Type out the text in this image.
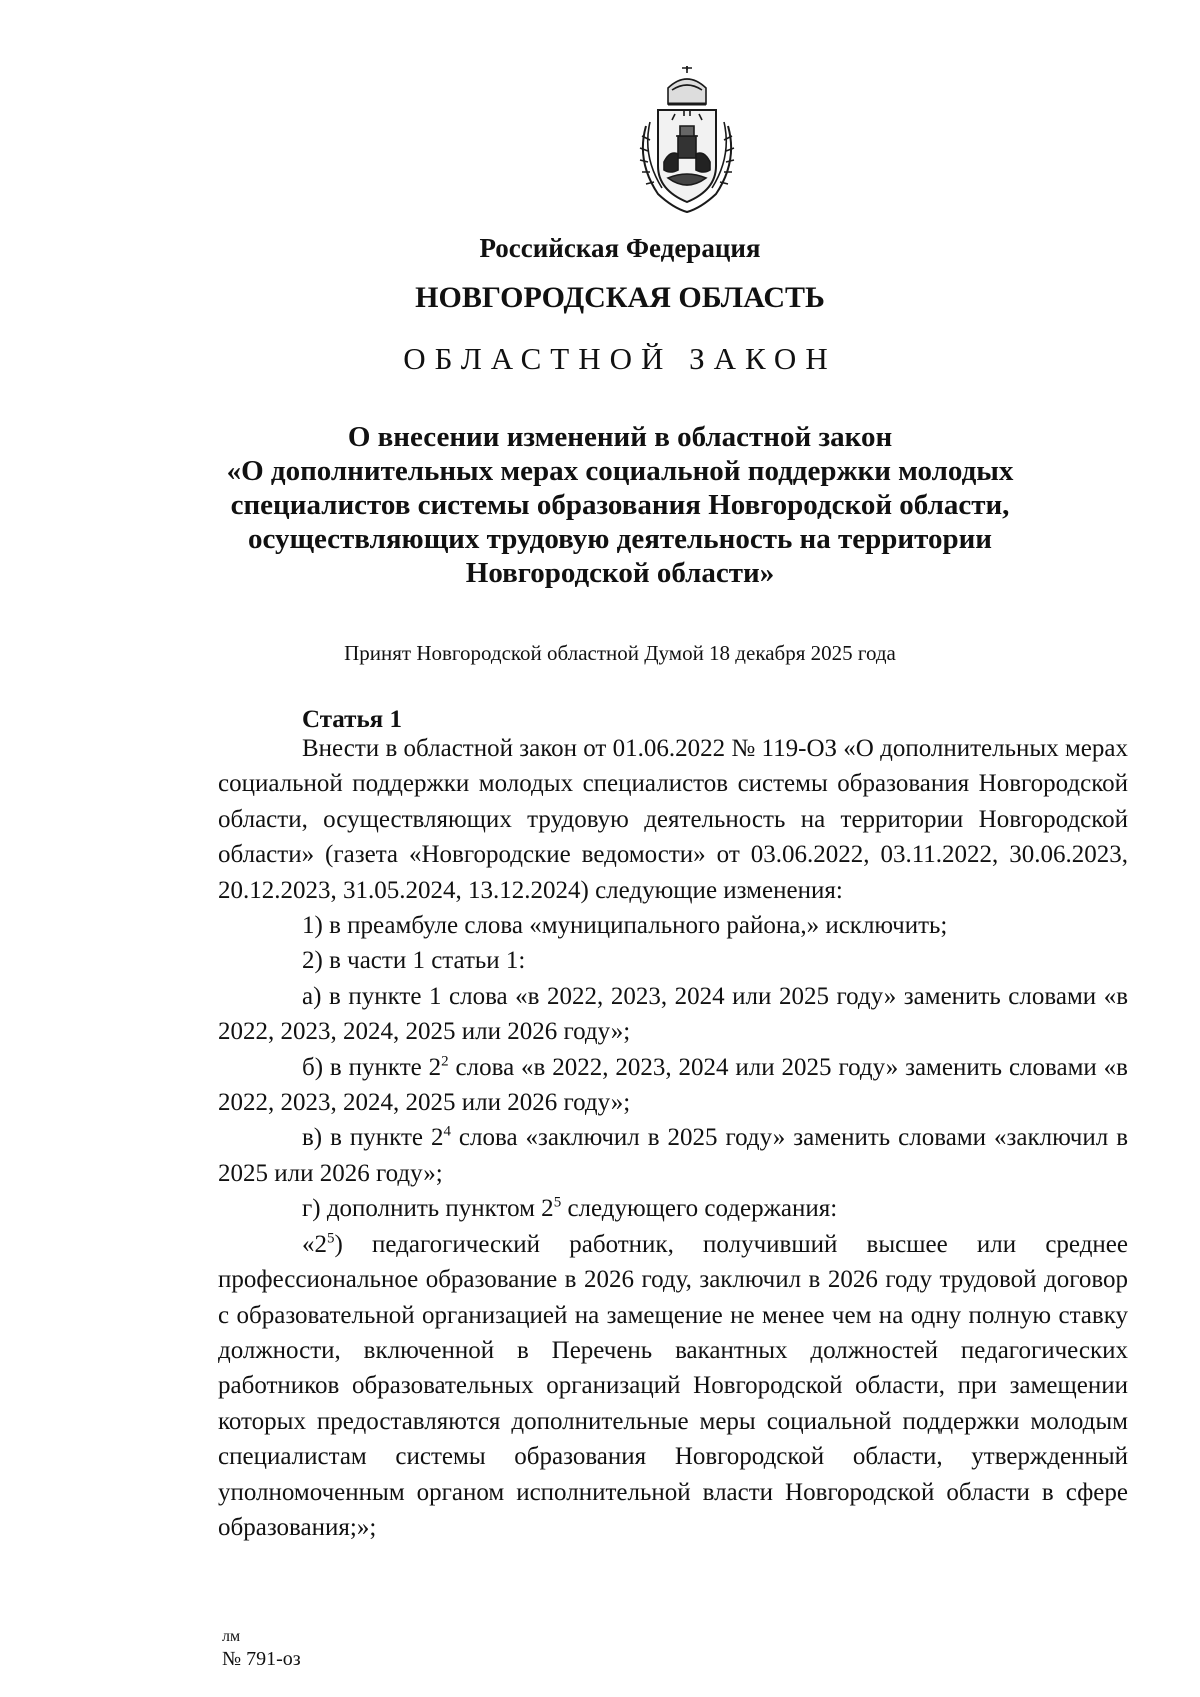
Российская Федерация
НОВГОРОДСКАЯ ОБЛАСТЬ
ОБЛАСТНОЙ ЗАКОН
О внесении изменений в областной закон
«О дополнительных мерах социальной поддержки молодых
специалистов системы образования Новгородской области,
осуществляющих трудовую деятельность на территории
Новгородской области»
Принят Новгородской областной Думой 18 декабря 2025 года
Статья 1

Внести в областной закон от 01.06.2022 № 119-ОЗ «О дополнительных мерах социальной поддержки молодых специалистов системы образования Новгородской области, осуществляющих трудовую деятельность на территории Новгородской области» (газета «Новгородские ведомости» от 03.06.2022, 03.11.2022, 30.06.2023, 20.12.2023, 31.05.2024, 13.12.2024) следующие изменения:

1) в преамбуле слова «муниципального района,» исключить;

2) в части 1 статьи 1:

а) в пункте 1 слова «в 2022, 2023, 2024 или 2025 году» заменить словами «в 2022, 2023, 2024, 2025 или 2026 году»;

б) в пункте $2^2$ слова «в 2022, 2023, 2024 или 2025 году» заменить словами «в 2022, 2023, 2024, 2025 или 2026 году»;

в) в пункте $2^4$ слова «заключил в 2025 году» заменить словами «заключил в 2025 или 2026 году»;

г) дополнить пунктом $2^5$ следующего содержания:

«$2^5$) педагогический работник, получивший высшее или среднее профессиональное образование в 2026 году, заключил в 2026 году трудовой договор с образовательной организацией на замещение не менее чем на одну полную ставку должности, включенной в Перечень вакантных должностей педагогических работников образовательных организаций Новгородской области, при замещении которых предоставляются дополнительные меры социальной поддержки молодым специалистам системы образования Новгородской области, утвержденный уполномоченным органом исполнительной власти Новгородской области в сфере образования;»;

лм
№ 791-оз
